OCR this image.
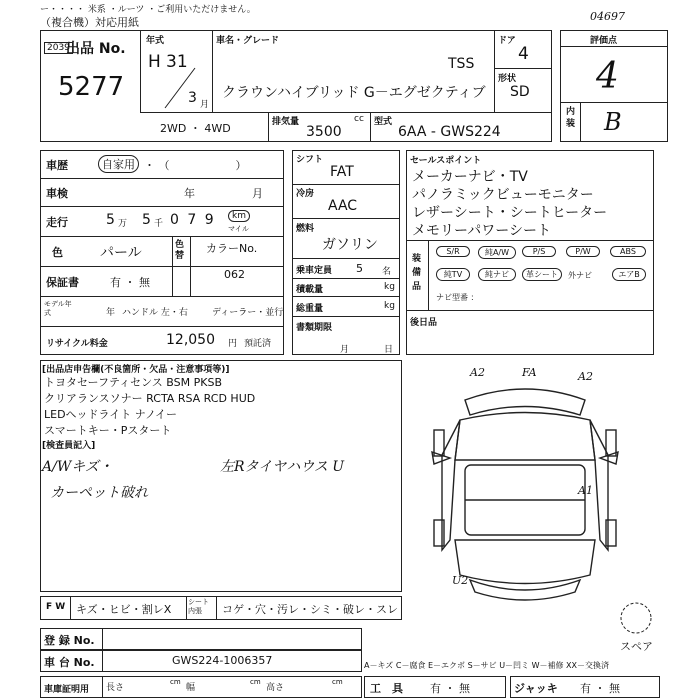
ー・・・・ 米系 ・ルーツ ・ご利用いただけません。
（複合機）対応用紙	04697
出品 No.
2039
5277
年式
H 31
3 月
車名・グレード
TSS
クラウンハイブリッド G－エグゼクティブ
ドア
4
形状
SD
2WD ・ 4WD	排気量	cc
3500
型式
6AA - GWS224
評価点
4
内装 B
車歴	自家用 ・ （　　　　　　）
車検	年	月
走行	5 万 5 千 0 7 9	km
マイル
色	パール	色替
カラーNo.
062
保証書	有 ・ 無
モデル年式	年 ハンドル 左・右	ディーラー・並行
リサイクル料金	12,050 円 預託済
シフト
FAT
冷房
AAC
燃料
ガソリン
乗車定員 5 名
積載量	kg
総重量	kg
書類期限
月	日
セールスポイント
メーカーナビ・TV
パノラミックビューモニター
レザーシート・シートヒーター
メモリーパワーシート
装備品
S/R	純A/W	P/S	P/W	ABS
純TV	純ナビ	革シート	外ナビ	エアB
ナビ型番 ：
後日品
[出品店申告欄(不良箇所・欠品・注意事項等)]
トヨタセーフティセンス BSM PKSB
クリアランスソナー RCTA RSA RCD HUD
LEDヘッドライト ナノイー
スマートキー・Pスタート
[検査員記入]
A/Wキズ・	左Rタイヤハウス U
カーペット破れ
A2	FA	A2
A1
U2
スペア
F W キズ・ヒビ・割レX
シート内張	コゲ・穴・汚レ・シミ・破レ・スレ
登 録 No.
車 台 No.	GWS224-1006357	A－キズ C－腐食 E－エクボ S－サビ U－凹ミ W－補修 XX－交換済
車庫証明用 長さ
cm
幅
cm
高さ
cm 工　具 有 ・ 無	ジャッキ 有 ・ 無
